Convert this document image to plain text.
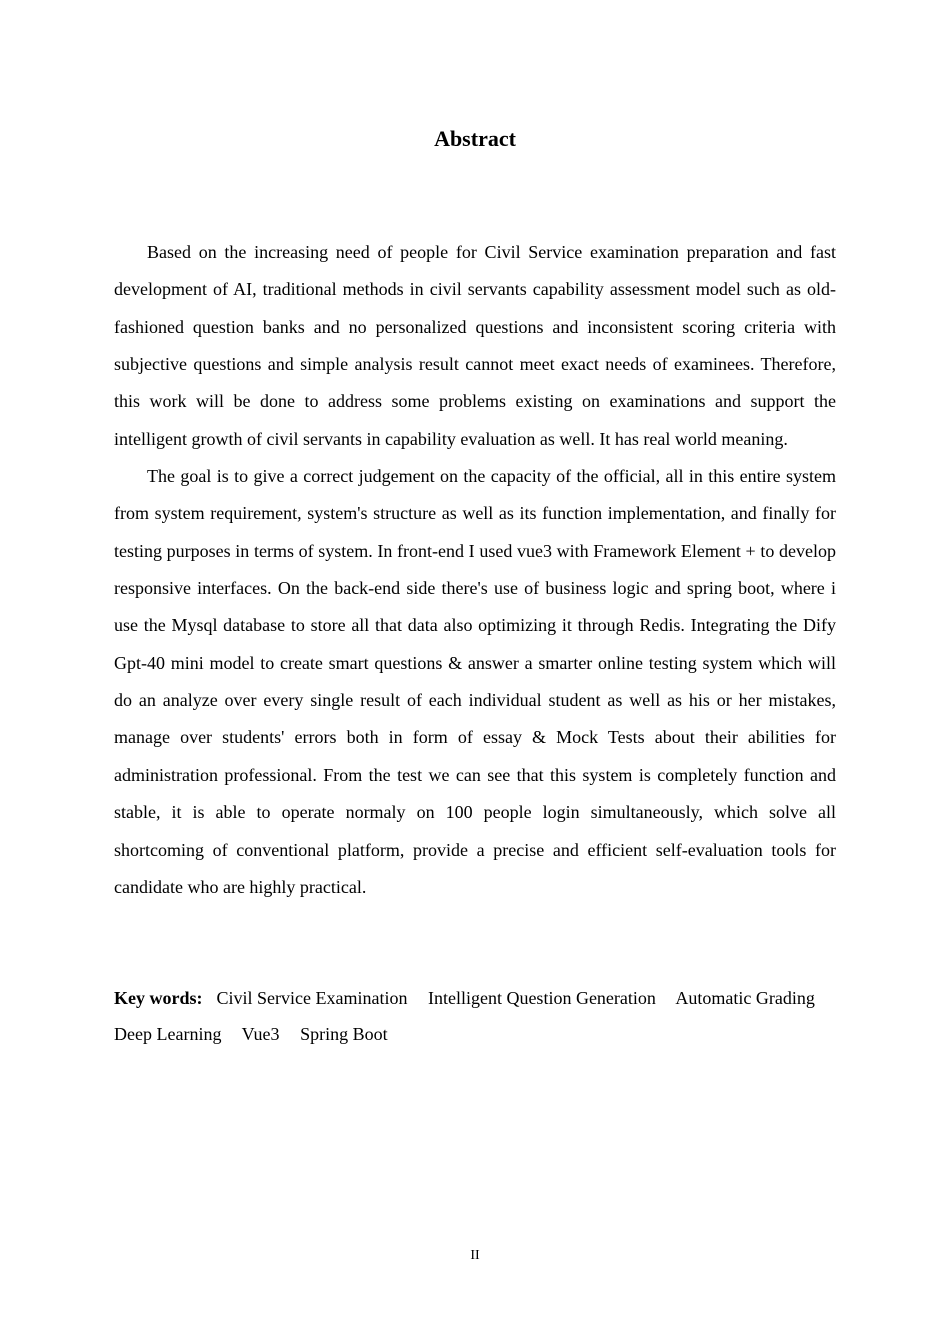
Abstract

Based on the increasing need of people for Civil Service examination preparation and fast development of AI, traditional methods in civil servants capability assessment model such as old-fashioned question banks and no personalized questions and inconsistent scoring criteria with subjective questions and simple analysis result cannot meet exact needs of examinees. Therefore, this work will be done to address some problems existing on examinations and support the intelligent growth of civil servants in capability evaluation as well. It has real world meaning.

The goal is to give a correct judgement on the capacity of the official, all in this entire system from system requirement, system's structure as well as its function implementation, and finally for testing purposes in terms of system. In front-end I used vue3 with Framework Element + to develop responsive interfaces. On the back-end side there's use of business logic and spring boot, where i use the Mysql database to store all that data also optimizing it through Redis. Integrating the Dify Gpt-40 mini model to create smart questions & answer a smarter online testing system which will do an analyze over every single result of each individual student as well as his or her mistakes, manage over students' errors both in form of essay & Mock Tests about their abilities for administration professional. From the test we can see that this system is completely function and stable, it is able to operate normaly on 100 people login simultaneously, which solve all shortcoming of conventional platform, provide a precise and efficient self-evaluation tools for candidate who are highly practical.

Key words: Civil Service Examination Intelligent Question Generation Automatic Grading Deep Learning Vue3 Spring Boot

II
